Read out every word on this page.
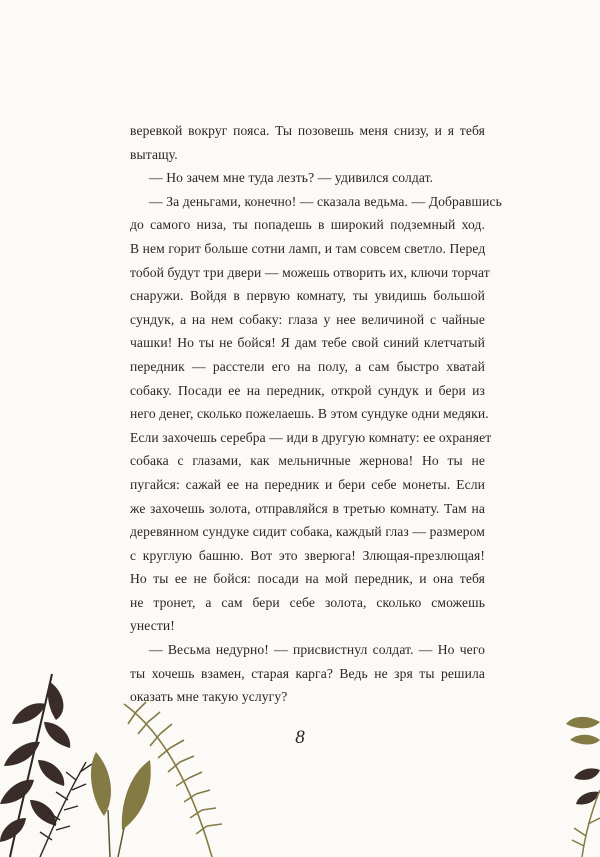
веревкой вокруг пояса. Ты позовешь меня снизу, и я тебя
вытащу.
— Но зачем мне туда лезть? — удивился солдат.
— За деньгами, конечно! — сказала ведьма. — Добравшись
до самого низа, ты попадешь в широкий подземный ход.
В нем горит больше сотни ламп, и там совсем светло. Перед
тобой будут три двери — можешь отворить их, ключи торчат
снаружи. Войдя в первую комнату, ты увидишь большой
сундук, а на нем собаку: глаза у нее величиной с чайные
чашки! Но ты не бойся! Я дам тебе свой синий клетчатый
передник — расстели его на полу, а сам быстро хватай
собаку. Посади ее на передник, открой сундук и бери из
него денег, сколько пожелаешь. В этом сундуке одни медяки.
Если захочешь серебра — иди в другую комнату: ее охраняет
собака с глазами, как мельничные жернова! Но ты не
пугайся: сажай ее на передник и бери себе монеты. Если
же захочешь золота, отправляйся в третью комнату. Там на
деревянном сундуке сидит собака, каждый глаз — размером
с круглую башню. Вот это зверюга! Злющая-презлющая!
Но ты ее не бойся: посади на мой передник, и она тебя
не тронет, а сам бери себе золота, сколько сможешь
унести!
— Весьма недурно! — присвистнул солдат. — Но чего
ты хочешь взамен, старая карга? Ведь не зря ты решила
оказать мне такую услугу?
8
